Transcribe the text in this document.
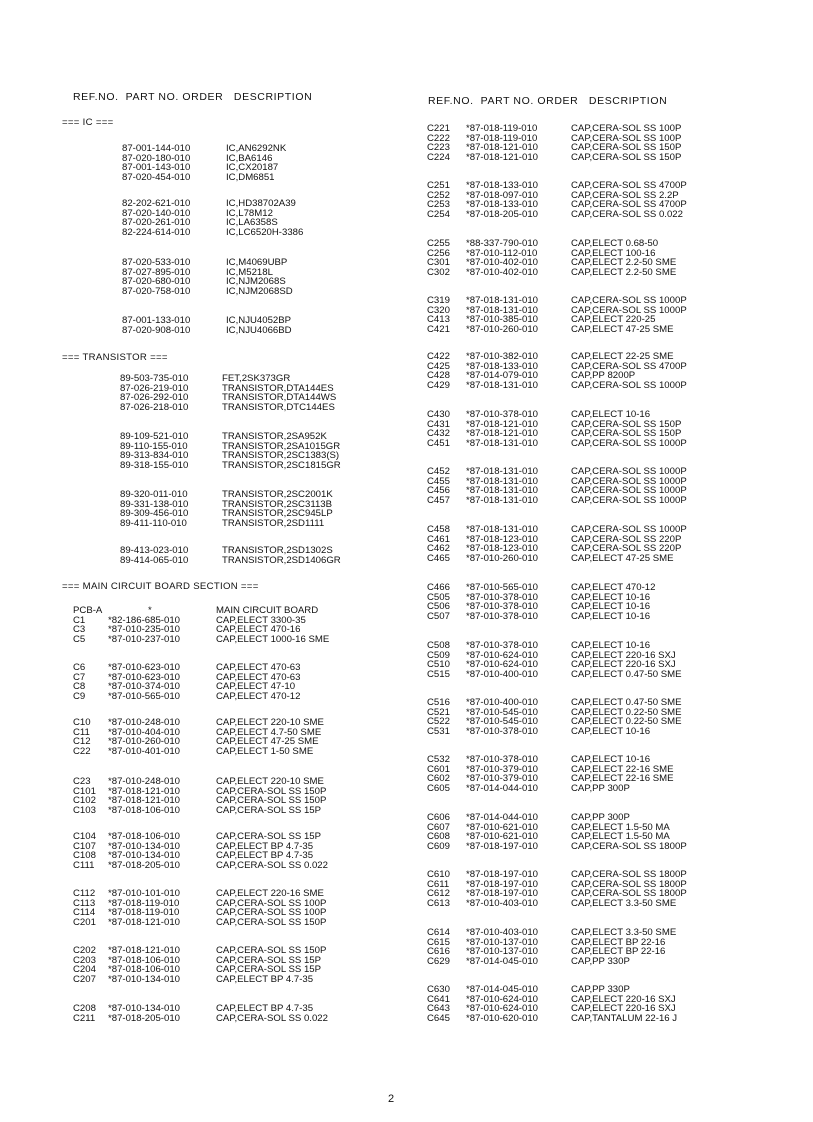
REF.NO. PART NO. ORDER DESCRIPTION	REF.NO. PART NO. ORDER DESCRIPTION
=== IC ===
=== TRANSISTOR ===
=== MAIN CIRCUIT BOARD SECTION ===
87-001-144-010	IC,AN6292NK
87-020-180-010	IC,BA6146
87-001-143-010	IC,CX20187
87-020-454-010	IC,DM6851
82-202-621-010	IC,HD38702A39
87-020-140-010	IC,L78M12
87-020-261-010	IC,LA6358S
82-224-614-010	IC,LC6520H-3386
87-020-533-010	IC,M4069UBP
87-027-895-010	IC,M5218L
87-020-680-010	IC,NJM2068S
87-020-758-010	IC,NJM2068SD
87-001-133-010	IC,NJU4052BP
87-020-908-010	IC,NJU4066BD
89-503-735-010	FET,2SK373GR
87-026-219-010	TRANSISTOR,DTA144ES
87-026-292-010	TRANSISTOR,DTA144WS
87-026-218-010	TRANSISTOR,DTC144ES
89-109-521-010	TRANSISTOR,2SA952K
89-110-155-010	TRANSISTOR,2SA1015GR
89-313-834-010	TRANSISTOR,2SC1383(S)
89-318-155-010	TRANSISTOR,2SC1815GR
89-320-011-010	TRANSISTOR,2SC2001K
89-331-138-010	TRANSISTOR,2SC3113B
89-309-456-010	TRANSISTOR,2SC945LP
89-411-110-010	TRANSISTOR,2SD1111
89-413-023-010	TRANSISTOR,2SD1302S
89-414-065-010	TRANSISTOR,2SD1406GR
PCB-A	*	MAIN CIRCUIT BOARD
C1 *82-186-685-010	CAP,ELECT 3300-35
C3 *87-010-235-010	CAP,ELECT 470-16
C5 *87-010-237-010	CAP,ELECT 1000-16 SME
C6 *87-010-623-010	CAP,ELECT 470-63
C7 *87-010-623-010	CAP,ELECT 470-63
C8 *87-010-374-010	CAP,ELECT 47-10
C9 *87-010-565-010	CAP,ELECT 470-12
C10 *87-010-248-010	CAP,ELECT 220-10 SME
C11 *87-010-404-010	CAP,ELECT 4.7-50 SME
C12 *87-010-260-010	CAP,ELECT 47-25 SME
C22 *87-010-401-010	CAP,ELECT 1-50 SME
C23 *87-010-248-010	CAP,ELECT 220-10 SME
C101 *87-018-121-010	CAP,CERA-SOL SS 150P
C102 *87-018-121-010	CAP,CERA-SOL SS 150P
C103 *87-018-106-010	CAP,CERA-SOL SS 15P
C104 *87-018-106-010	CAP,CERA-SOL SS 15P
C107 *87-010-134-010	CAP,ELECT BP 4.7-35
C108 *87-010-134-010	CAP,ELECT BP 4.7-35
C111 *87-018-205-010	CAP,CERA-SOL SS 0.022
C112 *87-010-101-010	CAP,ELECT 220-16 SME
C113 *87-018-119-010	CAP,CERA-SOL SS 100P
C114 *87-018-119-010	CAP,CERA-SOL SS 100P
C201 *87-018-121-010	CAP,CERA-SOL SS 150P
C202 *87-018-121-010	CAP,CERA-SOL SS 150P
C203 *87-018-106-010	CAP,CERA-SOL SS 15P
C204 *87-018-106-010	CAP,CERA-SOL SS 15P
C207 *87-010-134-010	CAP,ELECT BP 4.7-35
C208 *87-010-134-010	CAP,ELECT BP 4.7-35
C211 *87-018-205-010	CAP,CERA-SOL SS 0.022
C221 *87-018-119-010	CAP,CERA-SOL SS 100P
C222 *87-018-119-010	CAP,CERA-SOL SS 100P
C223 *87-018-121-010	CAP,CERA-SOL SS 150P
C224 *87-018-121-010	CAP,CERA-SOL SS 150P
C251 *87-018-133-010	CAP,CERA-SOL SS 4700P
C252 *87-018-097-010	CAP,CERA-SOL SS 2.2P
C253 *87-018-133-010	CAP,CERA-SOL SS 4700P
C254 *87-018-205-010	CAP,CERA-SOL SS 0.022
C255 *88-337-790-010	CAP,ELECT 0.68-50
C256 *87-010-112-010	CAP,ELECT 100-16
C301 *87-010-402-010	CAP,ELECT 2.2-50 SME
C302 *87-010-402-010	CAP,ELECT 2.2-50 SME
C319 *87-018-131-010	CAP,CERA-SOL SS 1000P
C320 *87-018-131-010	CAP,CERA-SOL SS 1000P
C413 *87-010-385-010	CAP,ELECT 220-25
C421 *87-010-260-010	CAP,ELECT 47-25 SME
C422 *87-010-382-010	CAP,ELECT 22-25 SME
C425 *87-018-133-010	CAP,CERA-SOL SS 4700P
C428 *87-014-079-010	CAP,PP 8200P
C429 *87-018-131-010	CAP,CERA-SOL SS 1000P
C430 *87-010-378-010	CAP,ELECT 10-16
C431 *87-018-121-010	CAP,CERA-SOL SS 150P
C432 *87-018-121-010	CAP,CERA-SOL SS 150P
C451 *87-018-131-010	CAP,CERA-SOL SS 1000P
C452 *87-018-131-010	CAP,CERA-SOL SS 1000P
C455 *87-018-131-010	CAP,CERA-SOL SS 1000P
C456 *87-018-131-010	CAP,CERA-SOL SS 1000P
C457 *87-018-131-010	CAP,CERA-SOL SS 1000P
C458 *87-018-131-010	CAP,CERA-SOL SS 1000P
C461 *87-018-123-010	CAP,CERA-SOL SS 220P
C462 *87-018-123-010	CAP,CERA-SOL SS 220P
C465 *87-010-260-010	CAP,ELECT 47-25 SME
C466 *87-010-565-010	CAP,ELECT 470-12
C505 *87-010-378-010	CAP,ELECT 10-16
C506 *87-010-378-010	CAP,ELECT 10-16
C507 *87-010-378-010	CAP,ELECT 10-16
C508 *87-010-378-010	CAP,ELECT 10-16
C509 *87-010-624-010	CAP,ELECT 220-16 SXJ
C510 *87-010-624-010	CAP,ELECT 220-16 SXJ
C515 *87-010-400-010	CAP,ELECT 0.47-50 SME
C516 *87-010-400-010	CAP,ELECT 0.47-50 SME
C521 *87-010-545-010	CAP,ELECT 0.22-50 SME
C522 *87-010-545-010	CAP,ELECT 0.22-50 SME
C531 *87-010-378-010	CAP,ELECT 10-16
C532 *87-010-378-010	CAP,ELECT 10-16
C601 *87-010-379-010	CAP,ELECT 22-16 SME
C602 *87-010-379-010	CAP,ELECT 22-16 SME
C605 *87-014-044-010	CAP,PP 300P
C606 *87-014-044-010	CAP,PP 300P
C607 *87-010-621-010	CAP,ELECT 1.5-50 MA
C608 *87-010-621-010	CAP,ELECT 1.5-50 MA
C609 *87-018-197-010	CAP,CERA-SOL SS 1800P
C610 *87-018-197-010	CAP,CERA-SOL SS 1800P
C611 *87-018-197-010	CAP,CERA-SOL SS 1800P
C612 *87-018-197-010	CAP,CERA-SOL SS 1800P
C613 *87-010-403-010	CAP,ELECT 3.3-50 SME
C614 *87-010-403-010	CAP,ELECT 3.3-50 SME
C615 *87-010-137-010	CAP,ELECT BP 22-16
C616 *87-010-137-010	CAP,ELECT BP 22-16
C629 *87-014-045-010	CAP,PP 330P
C630 *87-014-045-010	CAP,PP 330P
C641 *87-010-624-010	CAP,ELECT 220-16 SXJ
C643 *87-010-624-010	CAP,ELECT 220-16 SXJ
C645 *87-010-620-010	CAP,TANTALUM 22-16 J
2
